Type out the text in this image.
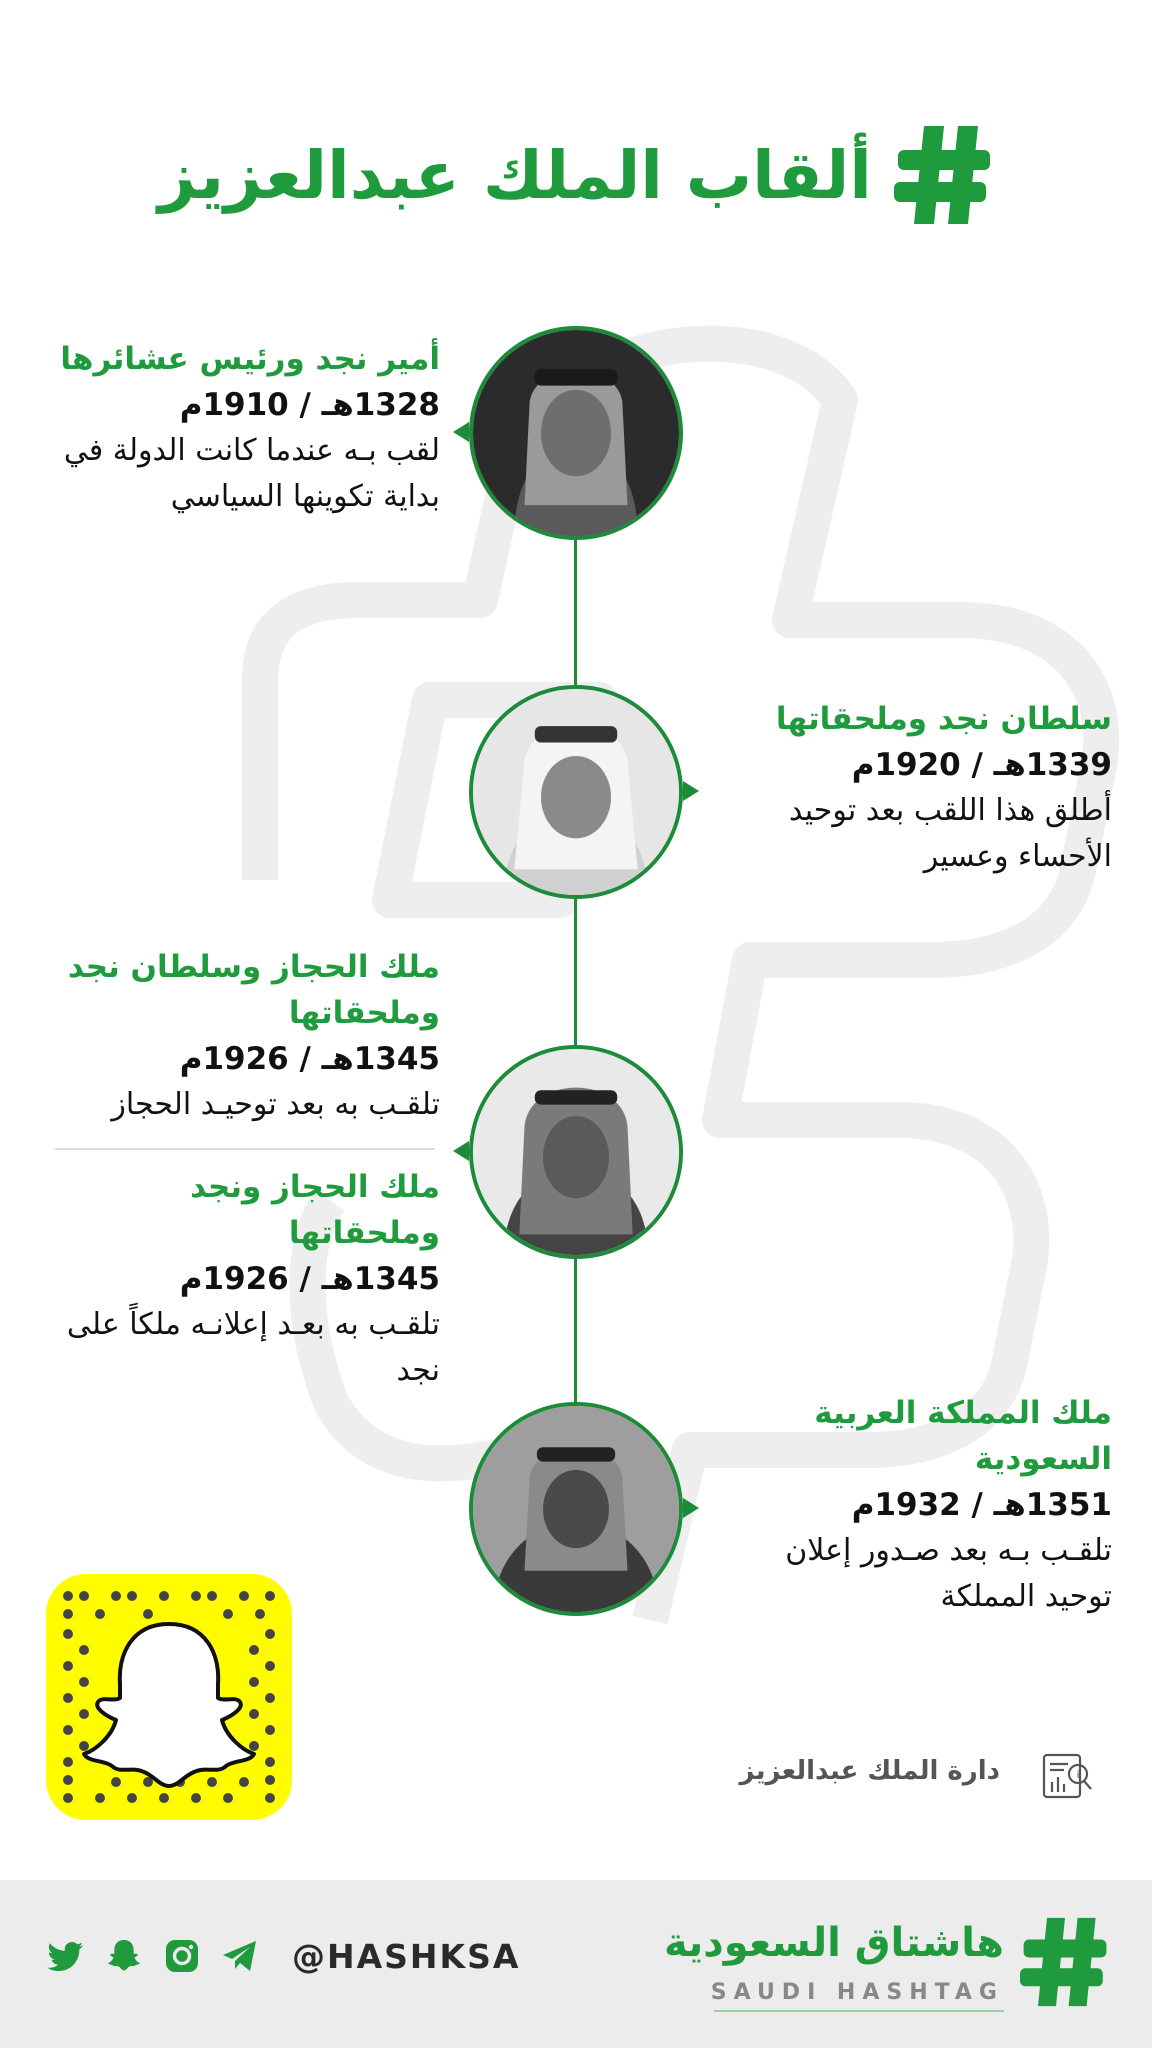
ألقاب الملك عبدالعزيز
أمير نجد ورئيس عشائرها
1328هـ / 1910م
لقب بـه عندما كانت الدولة في بداية تكوينها السياسي
سلطان نجد وملحقاتها
1339هـ / 1920م
أطلق هذا اللقب بعد توحيد الأحساء وعسير
ملك الحجاز وسلطان نجد وملحقاتها
1345هـ / 1926م
تلقـب به بعد توحيـد الحجاز
ملك الحجاز ونجد وملحقاتها
1345هـ / 1926م
تلقـب به بعـد إعلانـه ملكاً على نجد
ملك المملكة العربية السعودية
1351هـ / 1932م
تلقـب بـه بعد صـدور إعلان توحيد المملكة
دارة الملك عبدالعزيز	i
هاشتاق السعودية
SAUDI HASHTAG
@HASHKSA
